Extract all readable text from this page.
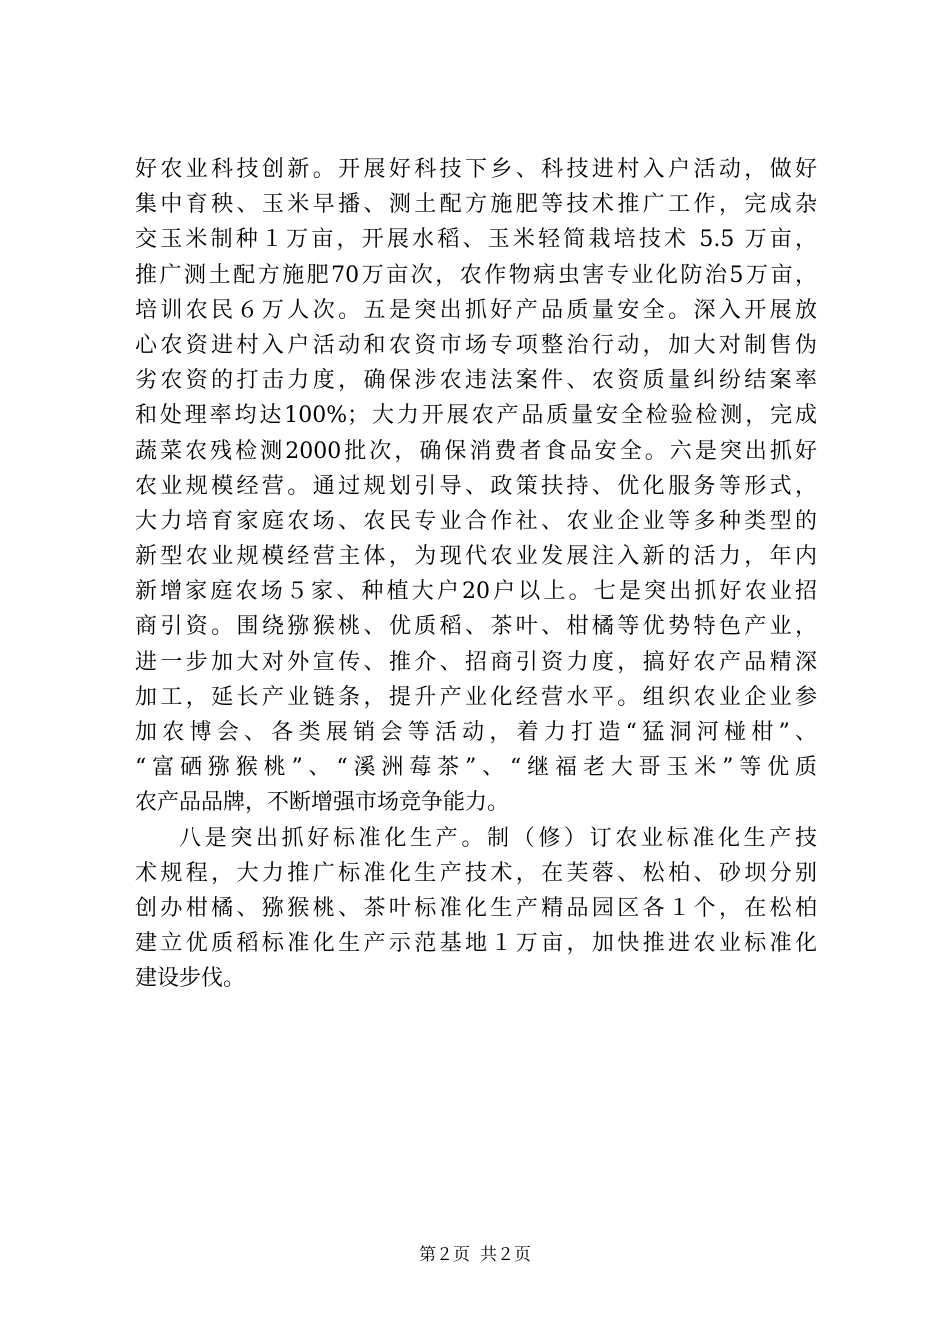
好农业科技创新。开展好科技下乡、科技进村入户活动，做好
集中育秧、玉米早播、测土配方施肥等技术推广工作，完成杂
交玉米制种１万亩，开展水稻、玉米轻简栽培技术 5.5 万亩，
推广测土配方施肥70万亩次，农作物病虫害专业化防治5万亩，
培训农民６万人次。五是突出抓好产品质量安全。深入开展放
心农资进村入户活动和农资市场专项整治行动，加大对制售伪
劣农资的打击力度，确保涉农违法案件、农资质量纠纷结案率
和处理率均达100%；大力开展农产品质量安全检验检测，完成
蔬菜农残检测2000批次，确保消费者食品安全。六是突出抓好
农业规模经营。通过规划引导、政策扶持、优化服务等形式，
大力培育家庭农场、农民专业合作社、农业企业等多种类型的
新型农业规模经营主体，为现代农业发展注入新的活力，年内
新增家庭农场５家、种植大户20户以上。七是突出抓好农业招
商引资。围绕猕猴桃、优质稻、茶叶、柑橘等优势特色产业，
进一步加大对外宣传、推介、招商引资力度，搞好农产品精深
加工，延长产业链条，提升产业化经营水平。组织农业企业参
加农博会、各类展销会等活动，着力打造“猛洞河椪柑”、
“富硒猕猴桃”、“溪洲莓茶”、“继福老大哥玉米”等优质
农产品品牌，不断增强市场竞争能力。
八是突出抓好标准化生产。制（修）订农业标准化生产技
术规程，大力推广标准化生产技术，在芙蓉、松柏、砂坝分别
创办柑橘、猕猴桃、茶叶标准化生产精品园区各１个，在松柏
建立优质稻标准化生产示范基地１万亩，加快推进农业标准化
建设步伐。
第２页 共２页
